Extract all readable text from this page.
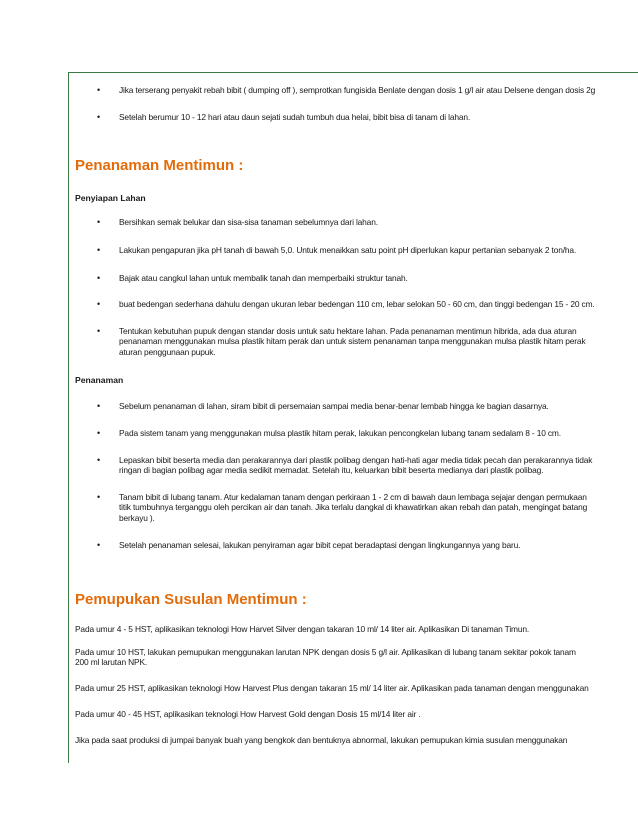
• Jika terserang penyakit rebah bibit ( dumping off ), semprotkan fungisida Benlate dengan dosis 1 g/l air atau Delsene dengan dosis 2g
• Setelah berumur 10 - 12 hari atau daun sejati sudah tumbuh dua helai, bibit bisa di tanam di lahan.
Penanaman Mentimun :
Penyiapan Lahan
• Bersihkan semak belukar dan sisa-sisa tanaman sebelumnya dari lahan.
• Lakukan pengapuran jika pH tanah di bawah 5,0. Untuk menaikkan satu point pH diperlukan kapur pertanian sebanyak 2 ton/ha.
• Bajak atau cangkul lahan untuk membalik tanah dan memperbaiki struktur tanah.
• buat bedengan sederhana dahulu dengan ukuran lebar bedengan 110 cm, lebar selokan 50 - 60 cm, dan tinggi bedengan 15 - 20 cm.
• Tentukan kebutuhan pupuk dengan standar dosis untuk satu hektare lahan. Pada penanaman mentimun hibrida, ada dua aturan
penanaman menggunakan mulsa plastik hitam perak dan untuk sistem penanaman tanpa menggunakan mulsa plastik hitam perak
aturan penggunaan pupuk.
Penanaman
• Sebelum penanaman di lahan, siram bibit di persemaian sampai media benar-benar lembab hingga ke bagian dasarnya.
• Pada sistem tanam yang menggunakan mulsa plastik hitam perak, lakukan pencongkelan lubang tanam sedalam 8 - 10 cm.
• Lepaskan bibit beserta media dan perakarannya dari plastik polibag dengan hati-hati agar media tidak pecah dan perakarannya tidak
ringan di bagian polibag agar media sedikit memadat. Setelah itu, keluarkan bibit beserta medianya dari plastik polibag.
• Tanam bibit di lubang tanam. Atur kedalaman tanam dengan perkiraan 1 - 2 cm di bawah daun lembaga sejajar dengan permukaan
titik tumbuhnya terganggu oleh percikan air dan tanah. Jika terlalu dangkal di khawatirkan akan rebah dan patah, mengingat batang
berkayu ).
• Setelah penanaman selesai, lakukan penyiraman agar bibit cepat beradaptasi dengan lingkungannya yang baru.
Pemupukan Susulan Mentimun :
Pada umur 4 - 5 HST, aplikasikan teknologi How Harvet Silver dengan takaran 10 ml/ 14 liter air. Aplikasikan Di tanaman Timun.
Pada umur 10 HST, lakukan pemupukan menggunakan larutan NPK dengan dosis 5 g/l air. Aplikasikan di lubang tanam sekitar pokok tanam
200 ml larutan NPK.
Pada umur 25 HST, aplikasikan teknologi How Harvest Plus dengan takaran 15 ml/ 14 liter air. Aplikasikan pada tanaman dengan menggunakan
Pada umur 40 - 45 HST, aplikasikan teknologi How Harvest Gold dengan Dosis 15 ml/14 liter air .
Jika pada saat produksi di jumpai banyak buah yang bengkok dan bentuknya abnormal, lakukan pemupukan kimia susulan menggunakan
